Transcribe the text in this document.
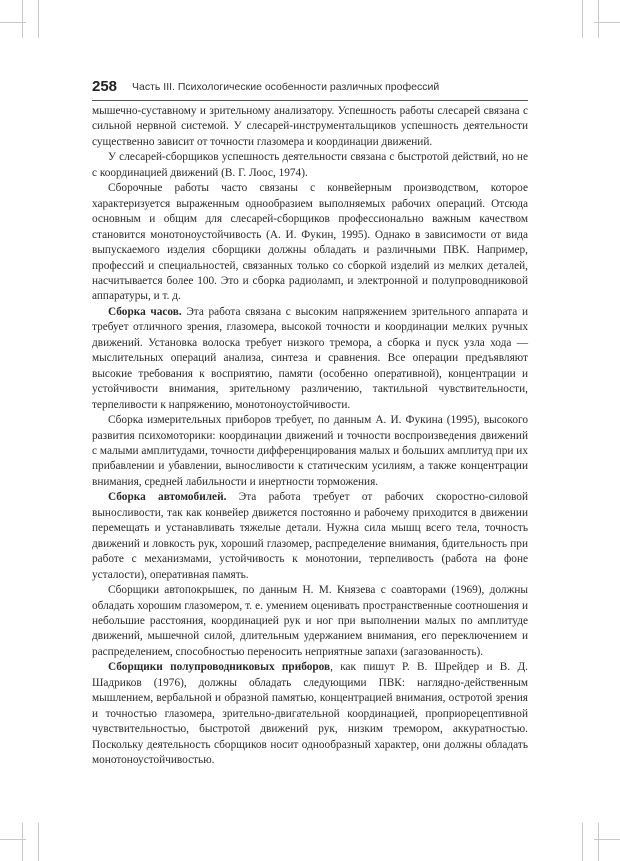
258 Часть III. Психологические особенности различных профессий

мышечно-суставному и зрительному анализатору. Успешность работы слесарей связана с сильной нервной системой. У слесарей-инструментальщиков успешность деятельности существенно зависит от точности глазомера и координации движений.

У слесарей-сборщиков успешность деятельности связана с быстротой действий, но не с координацией движений (В. Г. Лоос, 1974).

Сборочные работы часто связаны с конвейерным производством, которое характеризуется выраженным однообразием выполняемых рабочих операций. Отсюда основным и общим для слесарей-сборщиков профессионально важным качеством становится монотоноустойчивость (А. И. Фукин, 1995). Однако в зависимости от вида выпускаемого изделия сборщики должны обладать и различными ПВК. Например, профессий и специальностей, связанных только со сборкой изделий из мелких деталей, насчитывается более 100. Это и сборка радиоламп, и электронной и полупроводниковой аппаратуры, и т. д.

Сборка часов. Эта работа связана с высоким напряжением зрительного аппарата и требует отличного зрения, глазомера, высокой точности и координации мелких ручных движений. Установка волоска требует низкого тремора, а сборка и пуск узла хода — мыслительных операций анализа, синтеза и сравнения. Все операции предъявляют высокие требования к восприятию, памяти (особенно оперативной), концентрации и устойчивости внимания, зрительному различению, тактильной чувствительности, терпеливости к напряжению, монотоноустойчивости.

Сборка измерительных приборов требует, по данным А. И. Фукина (1995), высокого развития психомоторики: координации движений и точности воспроизведения движений с малыми амплитудами, точности дифференцирования малых и больших амплитуд при их прибавлении и убавлении, выносливости к статическим усилиям, а также концентрации внимания, средней лабильности и инертности торможения.

Сборка автомобилей. Эта работа требует от рабочих скоростно-силовой выносливости, так как конвейер движется постоянно и рабочему приходится в движении перемещать и устанавливать тяжелые детали. Нужна сила мышц всего тела, точность движений и ловкость рук, хороший глазомер, распределение внимания, бдительность при работе с механизмами, устойчивость к монотонии, терпеливость (работа на фоне усталости), оперативная память.

Сборщики автопокрышек, по данным Н. М. Князева с соавторами (1969), должны обладать хорошим глазомером, т. е. умением оценивать пространственные соотношения и небольшие расстояния, координацией рук и ног при выполнении малых по амплитуде движений, мышечной силой, длительным удержанием внимания, его переключением и распределением, способностью переносить неприятные запахи (загазованность).

Сборщики полупроводниковых приборов, как пишут Р. В. Шрейдер и В. Д. Шадриков (1976), должны обладать следующими ПВК: наглядно-действенным мышлением, вербальной и образной памятью, концентрацией внимания, остротой зрения и точностью глазомера, зрительно-двигательной координацией, проприорецептивной чувствительностью, быстротой движений рук, низким тремором, аккуратностью. Поскольку деятельность сборщиков носит однообразный характер, они должны обладать монотоноустойчивостью.
